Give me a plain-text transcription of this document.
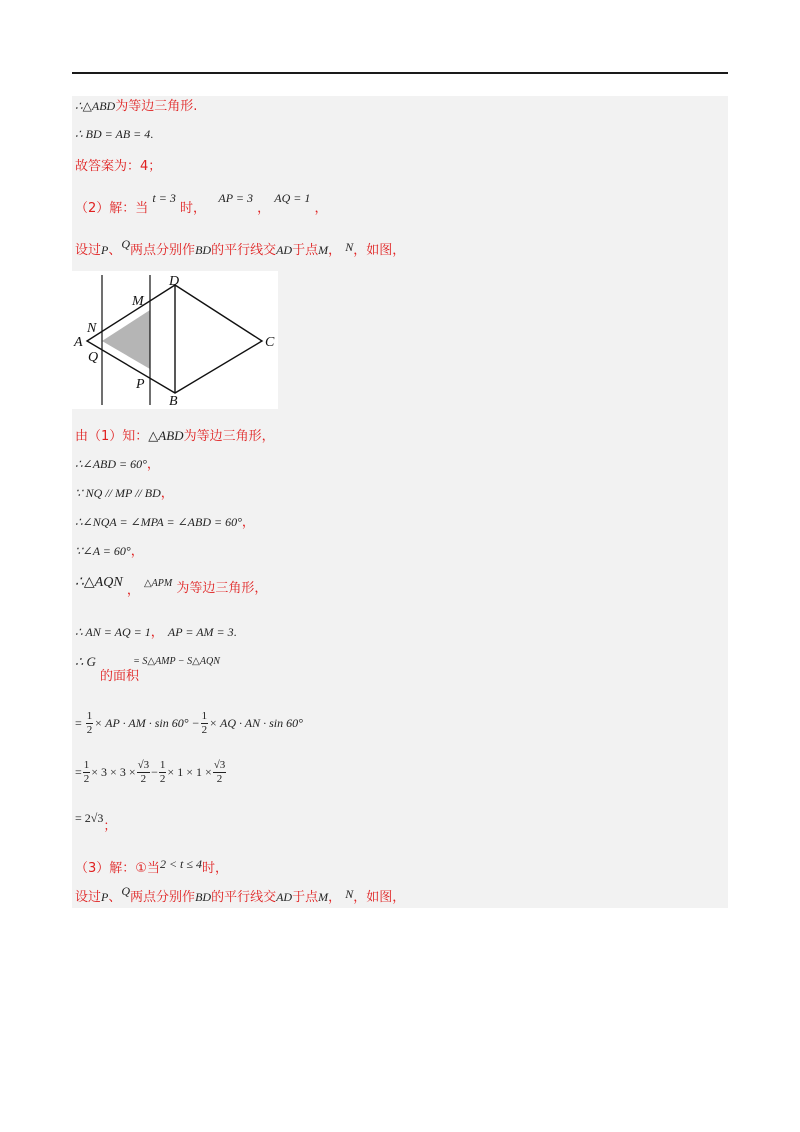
∴△ABD为等边三角形.
∴ BD = AB = 4.
故答案为：4；
（2）解：当 t = 3 时，   AP = 3 ， AQ = 1 ，
设过P、Q两点分别作BD的平行线交AD于点M， N，如图，
A
B
C
D
M
N
P
Q
由（1）知：△ABD为等边三角形，
∴∠ABD = 60°，
∵ NQ // MP // BD，
∴∠NQA = ∠MPA = ∠ABD = 60°，
∵∠A = 60°，
∴△AQN ， △APM 为等边三角形，
∴ AN = AQ = 1， AP = AM = 3.
∴ G	= S△AMP − S△AQN
的面积
= $\frac{1}{2}$ × AP · AM · $\sin 60^\circ - \frac{1}{2}$ × AQ · AN · sin 60°
= $\frac{1}{2} \times 3 \times 3 \times \frac{√3}{2} - \frac{1}{2} \times 1 \times 1 \times \frac{√3}{2}$
= 2√3；
（3）解：①当2 < t ≤ 4时，
设过P、Q两点分别作BD的平行线交AD于点M， N，如图，
